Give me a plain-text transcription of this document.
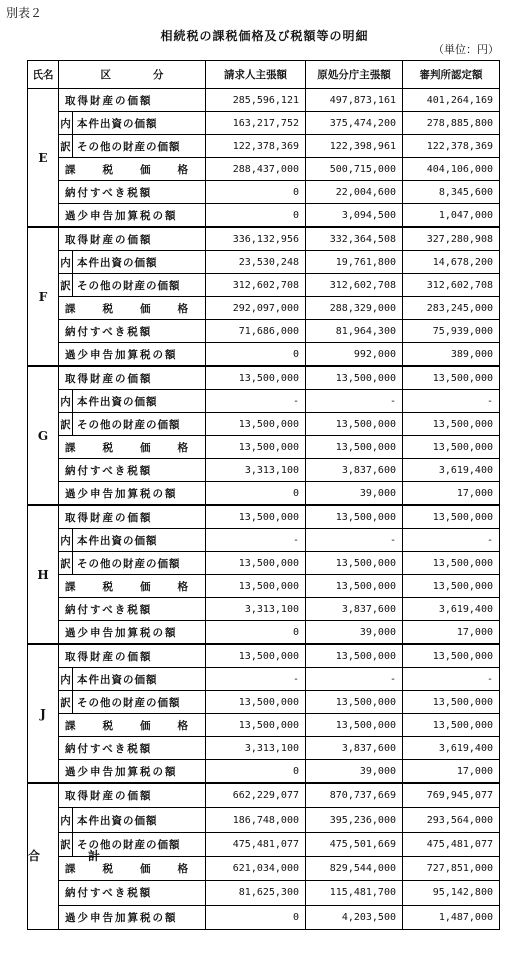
別表２
相続税の課税価格及び税額等の明細
（単位：円）
氏名	区　　　　分		請求人主張額	原処分庁主張額	審判所認定額
E	取得財産の価額		285,596,121	497,873,161	401,264,169
	内	本件出資の価額	163,217,752	375,474,200	278,885,800
	訳	その他の財産の価額	122,378,369	122,398,961	122,378,369
	課　　税　　価　　格		288,437,000	500,715,000	404,106,000
	納付すべき税額		0	22,004,600	8,345,600
	過少申告加算税の額		0	3,094,500	1,047,000
F	取得財産の価額		336,132,956	332,364,508	327,280,908
	内	本件出資の価額	23,530,248	19,761,800	14,678,200
	訳	その他の財産の価額	312,602,708	312,602,708	312,602,708
	課　　税　　価　　格		292,097,000	288,329,000	283,245,000
	納付すべき税額		71,686,000	81,964,300	75,939,000
	過少申告加算税の額		0	992,000	389,000
G	取得財産の価額		13,500,000	13,500,000	13,500,000
	内	本件出資の価額	-	-	-
	訳	その他の財産の価額	13,500,000	13,500,000	13,500,000
	課　　税　　価　　格		13,500,000	13,500,000	13,500,000
	納付すべき税額		3,313,100	3,837,600	3,619,400
	過少申告加算税の額		0	39,000	17,000
H	取得財産の価額		13,500,000	13,500,000	13,500,000
	内	本件出資の価額	-	-	-
	訳	その他の財産の価額	13,500,000	13,500,000	13,500,000
	課　　税　　価　　格		13,500,000	13,500,000	13,500,000
	納付すべき税額		3,313,100	3,837,600	3,619,400
	過少申告加算税の額		0	39,000	17,000
J	取得財産の価額		13,500,000	13,500,000	13,500,000
	内	本件出資の価額	-	-	-
	訳	その他の財産の価額	13,500,000	13,500,000	13,500,000
	課　　税　　価　　格		13,500,000	13,500,000	13,500,000
	納付すべき税額		3,313,100	3,837,600	3,619,400
	過少申告加算税の額		0	39,000	17,000
合　　　　計	取得財産の価額		662,229,077	870,737,669	769,945,077
	内	本件出資の価額	186,748,000	395,236,000	293,564,000
	訳	その他の財産の価額	475,481,077	475,501,669	475,481,077
	課　　税　　価　　格		621,034,000	829,544,000	727,851,000
	納付すべき税額		81,625,300	115,481,700	95,142,800
	過少申告加算税の額		0	4,203,500	1,487,000
